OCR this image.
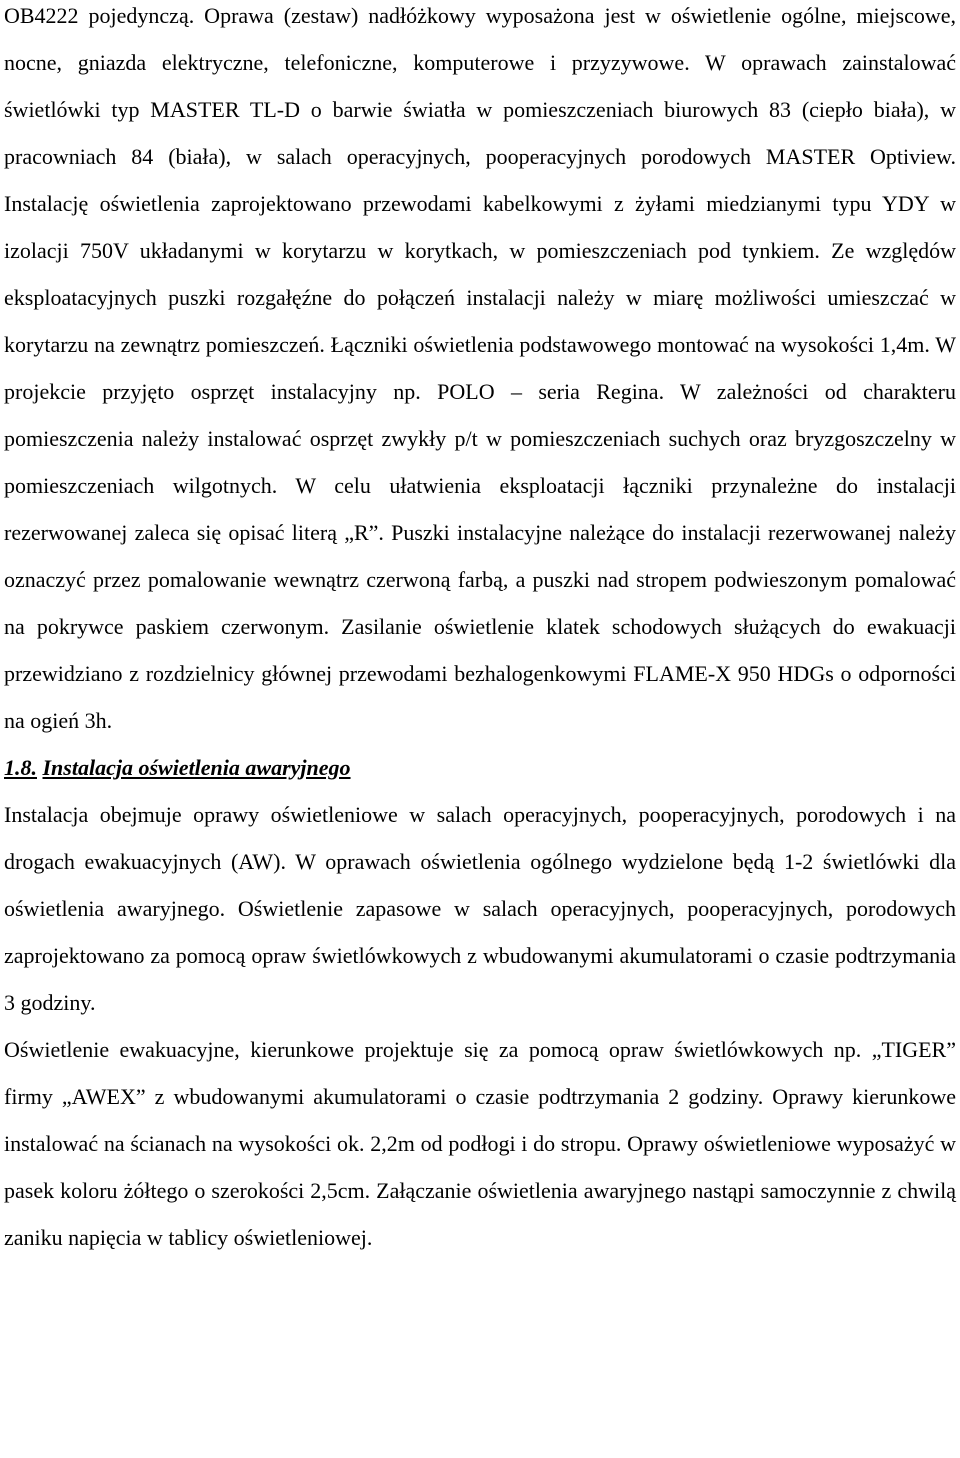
OB4222 pojedynczą. Oprawa (zestaw) nadłóżkowy wyposażona jest w oświetlenie ogólne, miejscowe, nocne, gniazda elektryczne, telefoniczne, komputerowe i przyzywowe. W oprawach zainstalować świetlówki typ MASTER TL-D o barwie światła w pomieszczeniach biurowych 83 (ciepło biała), w pracowniach 84 (biała), w salach operacyjnych, pooperacyjnych porodowych MASTER Optiview. Instalację oświetlenia zaprojektowano przewodami kabelkowymi z żyłami miedzianymi typu YDY w izolacji 750V układanymi w korytarzu w korytkach, w pomieszczeniach pod tynkiem. Ze względów eksploatacyjnych puszki rozgałęźne do połączeń instalacji należy w miarę możliwości umieszczać w korytarzu na zewnątrz pomieszczeń. Łączniki oświetlenia podstawowego montować na wysokości 1,4m. W projekcie przyjęto osprzęt instalacyjny np. POLO – seria Regina. W zależności od charakteru pomieszczenia należy instalować osprzęt zwykły p/t w pomieszczeniach suchych oraz bryzgoszczelny w pomieszczeniach wilgotnych. W celu ułatwienia eksploatacji łączniki przynależne do instalacji rezerwowanej zaleca się opisać literą „R”. Puszki instalacyjne należące do instalacji rezerwowanej należy oznaczyć przez pomalowanie wewnątrz czerwoną farbą, a puszki nad stropem podwieszonym pomalować na pokrywce paskiem czerwonym. Zasilanie oświetlenie klatek schodowych służących do ewakuacji przewidziano z rozdzielnicy głównej przewodami bezhalogenkowymi FLAME-X 950 HDGs o odporności na ogień 3h.

1.8. Instalacja oświetlenia awaryjnego

Instalacja obejmuje oprawy oświetleniowe w salach operacyjnych, pooperacyjnych, porodowych i na drogach ewakuacyjnych (AW). W oprawach oświetlenia ogólnego wydzielone będą 1-2 świetlówki dla oświetlenia awaryjnego. Oświetlenie zapasowe w salach operacyjnych, pooperacyjnych, porodowych zaprojektowano za pomocą opraw świetlówkowych z wbudowanymi akumulatorami o czasie podtrzymania 3 godziny.

Oświetlenie ewakuacyjne, kierunkowe projektuje się za pomocą opraw świetlówkowych np. „TIGER” firmy „AWEX” z wbudowanymi akumulatorami o czasie podtrzymania 2 godziny. Oprawy kierunkowe instalować na ścianach na wysokości ok. 2,2m od podłogi i do stropu. Oprawy oświetleniowe wyposażyć w pasek koloru żółtego o szerokości 2,5cm. Załączanie oświetlenia awaryjnego nastąpi samoczynnie z chwilą zaniku napięcia w tablicy oświetleniowej.
